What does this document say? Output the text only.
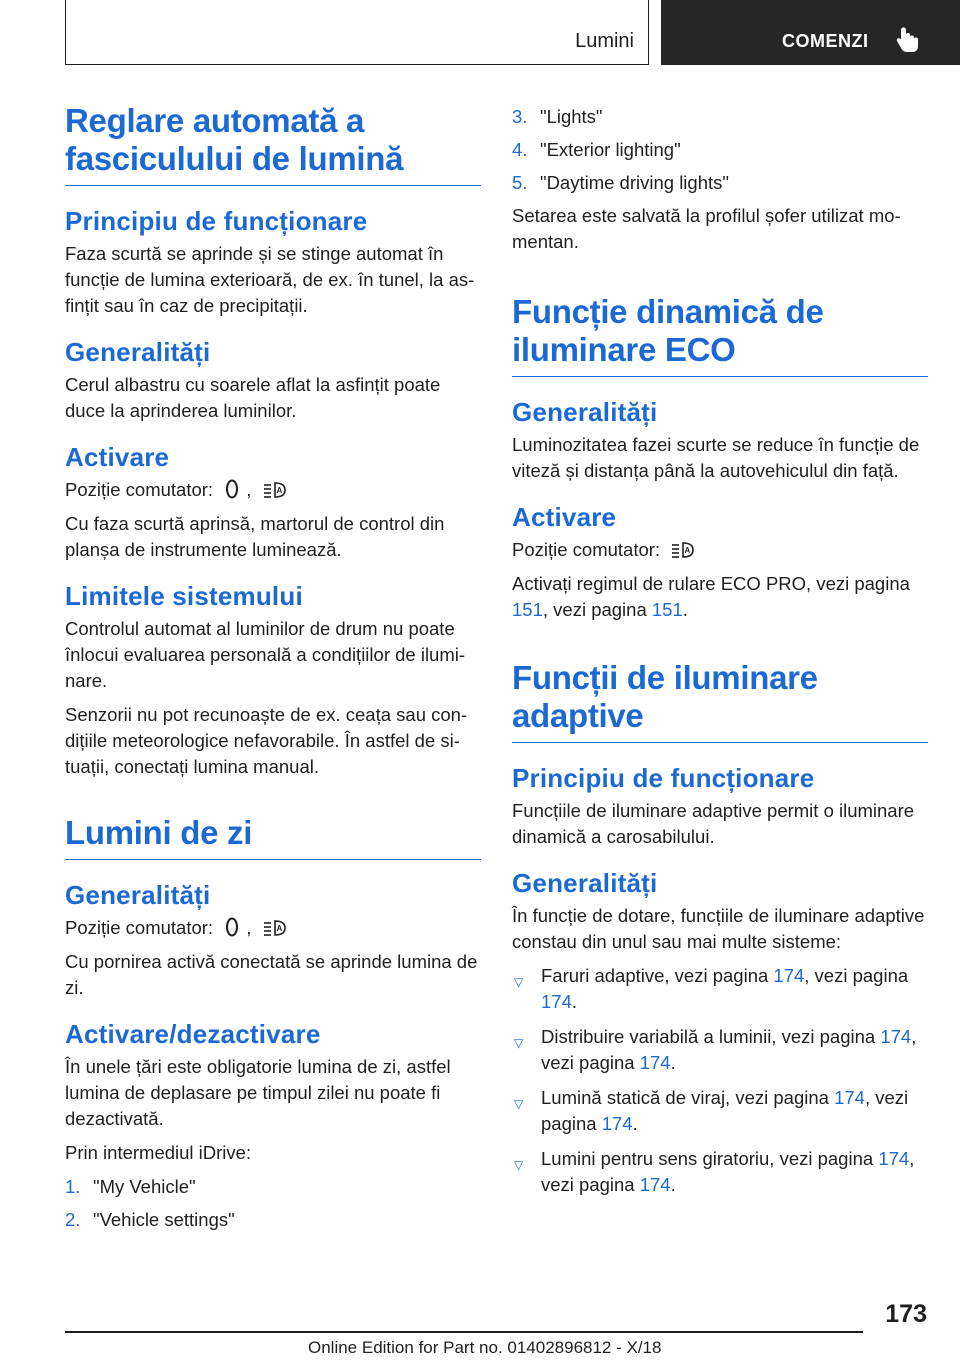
Lumini	COMENZI
Reglare automată a fasciculului de lumină
Principiu de funcționare

Faza scurtă se aprinde și se stinge automat în funcție de lumina exterioară, de ex. în tunel, la asfințit sau în caz de precipitații.

Generalități

Cerul albastru cu soarele aflat la asfințit poate duce la aprinderea luminilor.

Activare

Poziție comutator: ,	A

Cu faza scurtă aprinsă, martorul de control din planșa de instrumente luminează.

Limitele sistemului

Controlul automat al luminilor de drum nu poate înlocui evaluarea personală a condițiilor de iluminare.

Senzorii nu pot recunoaște de ex. ceața sau condițiile meteorologice nefavorabile. În astfel de situații, conectați lumina manual.

Lumini de zi
Generalități

Poziție comutator: ,	A

Cu pornirea activă conectată se aprinde lumina de zi.

Activare/dezactivare

În unele țări este obligatorie lumina de zi, astfel lumina de deplasare pe timpul zilei nu poate fi dezactivată.

Prin intermediul iDrive:

1. "My Vehicle"
2. "Vehicle settings"
3. "Lights"
4. "Exterior lighting"
5. "Daytime driving lights"

Setarea este salvată la profilul șofer utilizat momentan.

Funcție dinamică de iluminare ECO
Generalități

Luminozitatea fazei scurte se reduce în funcție de viteză și distanța până la autovehiculul din față.

Activare

Poziție comutator:	A

Activați regimul de rulare ECO PRO, vezi pagina 151, vezi pagina 151.

Funcții de iluminare adaptive
Principiu de funcționare

Funcțiile de iluminare adaptive permit o iluminare dinamică a carosabilului.

Generalități

În funcție de dotare, funcțiile de iluminare adaptive constau din unul sau mai multe sisteme:

▽ Faruri adaptive, vezi pagina 174, vezi pagina 174.
▽ Distribuire variabilă a luminii, vezi pagina 174, vezi pagina 174.
▽ Lumină statică de viraj, vezi pagina 174, vezi pagina 174.
▽ Lumini pentru sens giratoriu, vezi pagina 174, vezi pagina 174.
173
Online Edition for Part no. 01402896812 - X/18
